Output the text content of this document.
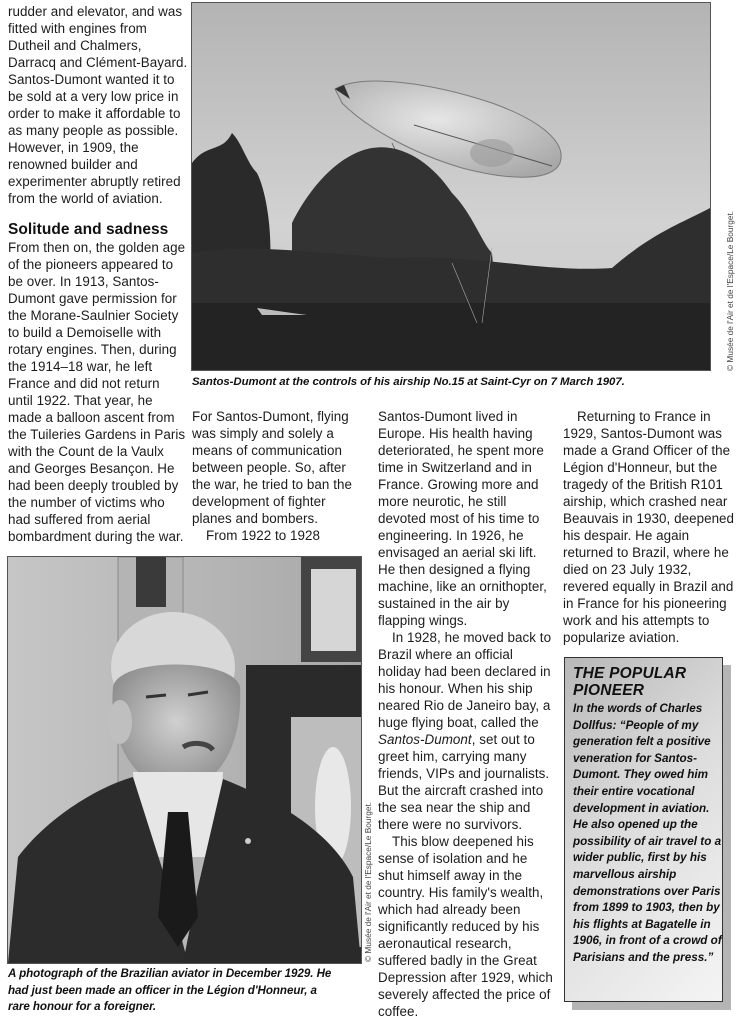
rudder and elevator, and was fitted with engines from Dutheil and Chalmers, Darracq and Clément-Bayard. Santos-Dumont wanted it to be sold at a very low price in order to make it affordable to as many people as possible. However, in 1909, the renowned builder and experimenter abruptly retired from the world of aviation.

Solitude and sadness

From then on, the golden age of the pioneers appeared to be over. In 1913, Santos-Dumont gave permission for the Morane-Saulnier Society to build a Demoiselle with rotary engines. Then, during the 1914–18 war, he left France and did not return until 1922. That year, he made a balloon ascent from the Tuileries Gardens in Paris with the Count de la Vaulx and Georges Besançon. He had been deeply troubled by the number of victims who had suffered from aerial bombardment during the war.

© Musée de l'Air et de l'Espace/Le Bourget.
Santos-Dumont at the controls of his airship No.15 at Saint-Cyr on 7 March 1907.

For Santos-Dumont, flying was simply and solely a means of communication between people. So, after the war, he tried to ban the development of fighter planes and bombers.

From 1922 to 1928

Santos-Dumont lived in Europe. His health having deteriorated, he spent more time in Switzerland and in France. Growing more and more neurotic, he still devoted most of his time to engineering. In 1926, he envisaged an aerial ski lift. He then designed a flying machine, like an ornithopter, sustained in the air by flapping wings.

In 1928, he moved back to Brazil where an official holiday had been declared in his honour. When his ship neared Rio de Janeiro bay, a huge flying boat, called the Santos-Dumont, set out to greet him, carrying many friends, VIPs and journalists. But the aircraft crashed into the sea near the ship and there were no survivors.

This blow deepened his sense of isolation and he shut himself away in the country. His family's wealth, which had already been significantly reduced by his aeronautical research, suffered badly in the Great Depression after 1929, which severely affected the price of coffee.

Returning to France in 1929, Santos-Dumont was made a Grand Officer of the Légion d'Honneur, but the tragedy of the British R101 airship, which crashed near Beauvais in 1930, deepened his despair. He again returned to Brazil, where he died on 23 July 1932, revered equally in Brazil and in France for his pioneering work and his attempts to popularize aviation.

THE POPULAR PIONEER
In the words of Charles Dollfus: “People of my generation felt a positive veneration for Santos-Dumont. They owed him their entire vocational development in aviation. He also opened up the possibility of air travel to a wider public, first by his marvellous airship demonstrations over Paris from 1899 to 1903, then by his flights at Bagatelle in 1906, in front of a crowd of Parisians and the press.”
© Musée de l'Air et de l'Espace/Le Bourget.
A photograph of the Brazilian aviator in December 1929. He had just been made an officer in the Légion d'Honneur, a rare honour for a foreigner.
